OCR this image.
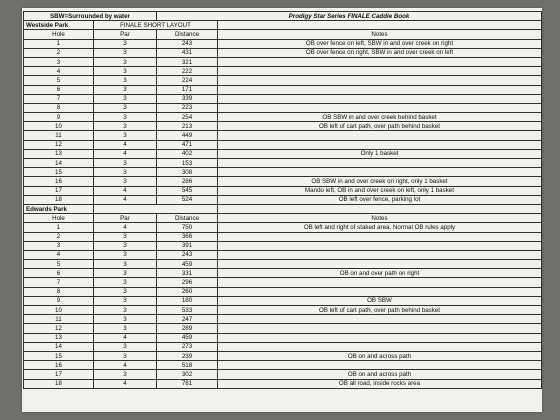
SBW=Surrounded by water		Prodigy Star Series FINALE Caddie Book	
Westside Park	FINALE SHORT LAYOUT		
Hole	Par	Distance	Notes
1	3	243	OB over fence on left, SBW in and over creek on right
2	3	431	OB over fence on right, SBW in and over creek on left
3	3	321	
4	3	222	
5	3	224	
6	3	171	
7	3	339	
8	3	223	
9	3	254	OB SBW in and over creek behind basket
10	3	213	OB left of cart path, over path behind basket
11	3	449	
12	4	471	
13	4	402	Only 1 basket
14	3	153	
15	3	308	
16	3	286	OB SBW in and over creek on right, only 1 basket
17	4	545	Mando left, OB in and over creek on left, only 1 basket
18	4	524	OB left over fence, parking lot
Edwards Park			
Hole	Par	Distance	Notes
1	4	750	OB left and right of staked area. Normal OB rules apply
2	3	366	
3	3	391	
4	3	243	
5	3	459	
6	3	331	OB on and over path on right
7	3	296	
8	3	260	
9	3	180	OB SBW
10	3	533	OB left of cart path, over path behind basket
11	3	247	
12	3	289	
13	4	459	
14	3	273	
15	3	239	OB on and across path
16	4	518	
17	3	302	OB on and across path
18	4	781	OB all road, inside rocks area
